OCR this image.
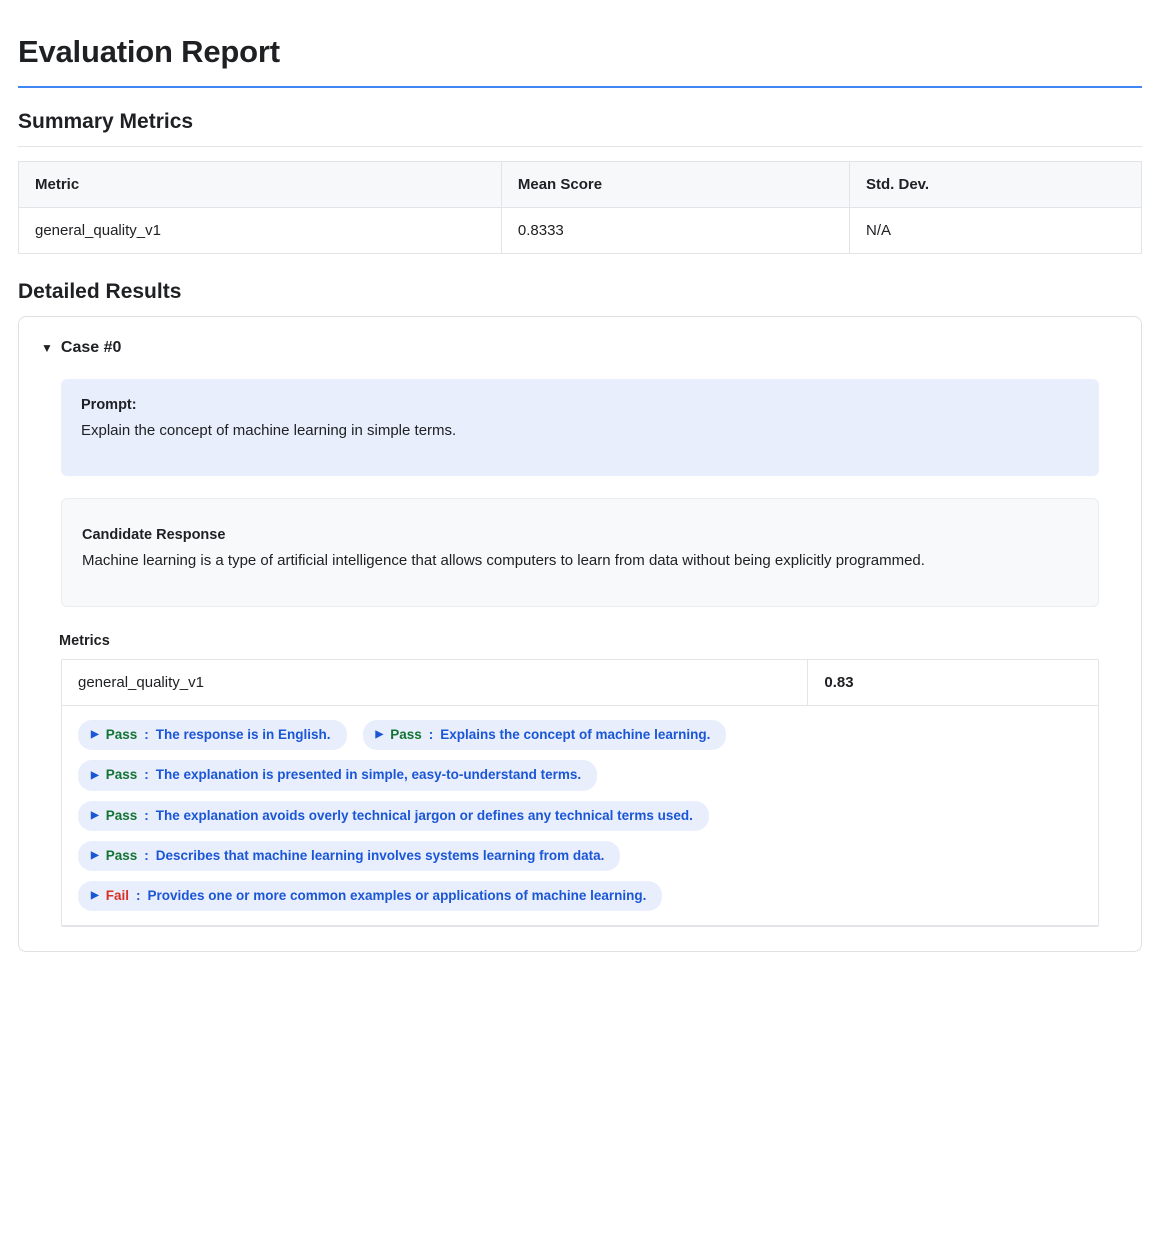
Evaluation Report
Summary Metrics
Metric	Mean Score	Std. Dev.
general_quality_v1	0.8333	N/A
Detailed Results
▼ Case #0
Prompt:
Explain the concept of machine learning in simple terms.
Candidate Response
Machine learning is a type of artificial intelligence that allows computers to learn from data without being explicitly programmed.
Metrics
general_quality_v1	0.83

▶ Pass : The response is in English.	▶ Pass : Explains the concept of machine learning.
▶ Pass : The explanation is presented in simple, easy-to-understand terms.
▶ Pass : The explanation avoids overly technical jargon or defines any technical terms used.
▶ Pass : Describes that machine learning involves systems learning from data.
▶ Fail : Provides one or more common examples or applications of machine learning.
